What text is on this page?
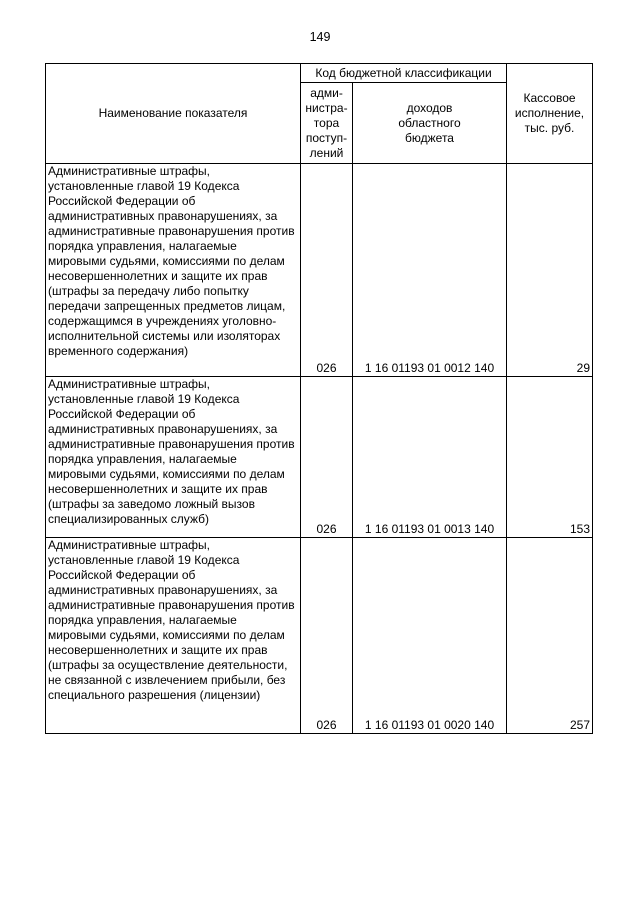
149
Наименование показателя	Код бюджетной классификации		Кассовое
исполнение,
тыс. руб.
	адми-
нистра-
тора
поступ-
лений	доходов
областного
бюджета	
Административные штрафы, установленные главой 19 Кодекса Российской Федерации об административных правонарушениях, за административные правонарушения против порядка управления, налагаемые мировыми судьями, комиссиями по делам несовершеннолетних и защите их прав (штрафы за передачу либо попытку передачи запрещенных предметов лицам, содержащимся в учреждениях уголовно-исполнительной системы или изоляторах временного содержания)	026	1 16 01193 01 0012 140	29
Административные штрафы, установленные главой 19 Кодекса Российской Федерации об административных правонарушениях, за административные правонарушения против порядка управления, налагаемые мировыми судьями, комиссиями по делам несовершеннолетних и защите их прав (штрафы за заведомо ложный вызов специализированных служб)	026	1 16 01193 01 0013 140	153
Административные штрафы, установленные главой 19 Кодекса Российской Федерации об административных правонарушениях, за административные правонарушения против порядка управления, налагаемые мировыми судьями, комиссиями по делам несовершеннолетних и защите их прав (штрафы за осуществление деятельности, не связанной с извлечением прибыли, без специального разрешения (лицензии)	026	1 16 01193 01 0020 140	257
